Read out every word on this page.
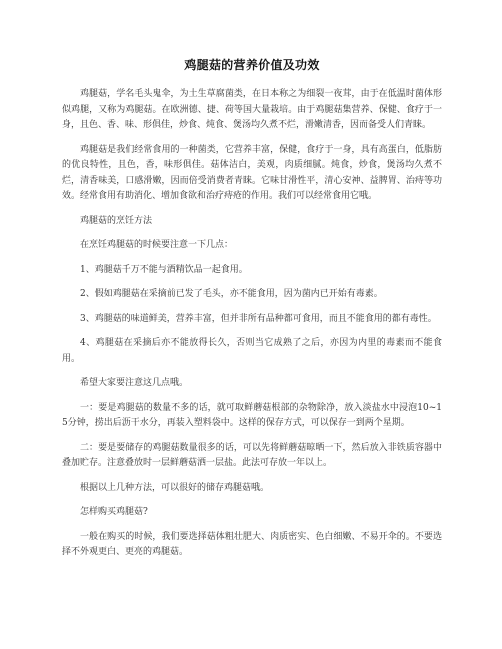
鸡腿菇的营养价值及功效

鸡腿菇，学名毛头鬼伞，为土生草腐菌类，在日本称之为细裂一夜茸，由于在低温时菌体形似鸡腿，又称为鸡腿菇。在欧洲德、捷、荷等国大量栽培。由于鸡腿菇集营养、保健、食疗于一身，且色、香、味、形俱佳，炒食、炖食、煲汤均久煮不烂，滑嫩清香，因而备受人们青睐。

鸡腿菇是我们经常食用的一种菌类，它营养丰富，保健，食疗于一身，具有高蛋白，低脂肪的优良特性，且色，香，味形俱佳。菇体洁白，美观，肉质细腻。炖食，炒食，煲汤均久煮不烂，清香味美，口感滑嫩，因而倍受消费者青睐。它味甘滑性平，清心安神、益脾胃、治痔等功效。经常食用有助消化、增加食欲和治疗痔疮的作用。我们可以经常食用它哦。

鸡腿菇的烹饪方法

在烹饪鸡腿菇的时候要注意一下几点：

1、鸡腿菇千万不能与酒精饮品一起食用。

2、假如鸡腿菇在采摘前已发了毛头，亦不能食用，因为菌内已开始有毒素。

3、鸡腿菇的味道鲜美，营养丰富，但并非所有品种都可食用，而且不能食用的都有毒性。

4、鸡腿菇在采摘后亦不能放得长久，否则当它成熟了之后，亦因为内里的毒素而不能食用。

希望大家要注意这几点哦。

一：要是鸡腿菇的数量不多的话，就可取鲜蘑菇根部的杂物除净，放入淡盐水中浸泡10~15分钟，捞出后沥干水分，再装入塑料袋中。这样的保存方式，可以保存一到两个星期。

二：要是要储存的鸡腿菇数量很多的话，可以先将鲜蘑菇晾晒一下，然后放入非铁质容器中叠加贮存。注意叠放时一层鲜蘑菇洒一层盐。此法可存放一年以上。

根据以上几种方法，可以很好的储存鸡腿菇哦。

怎样购买鸡腿菇?

一般在购买的时候，我们要选择菇体粗壮肥大、肉质密实、色白细嫩、不易开伞的。不要选择不外观更白、更亮的鸡腿菇。
